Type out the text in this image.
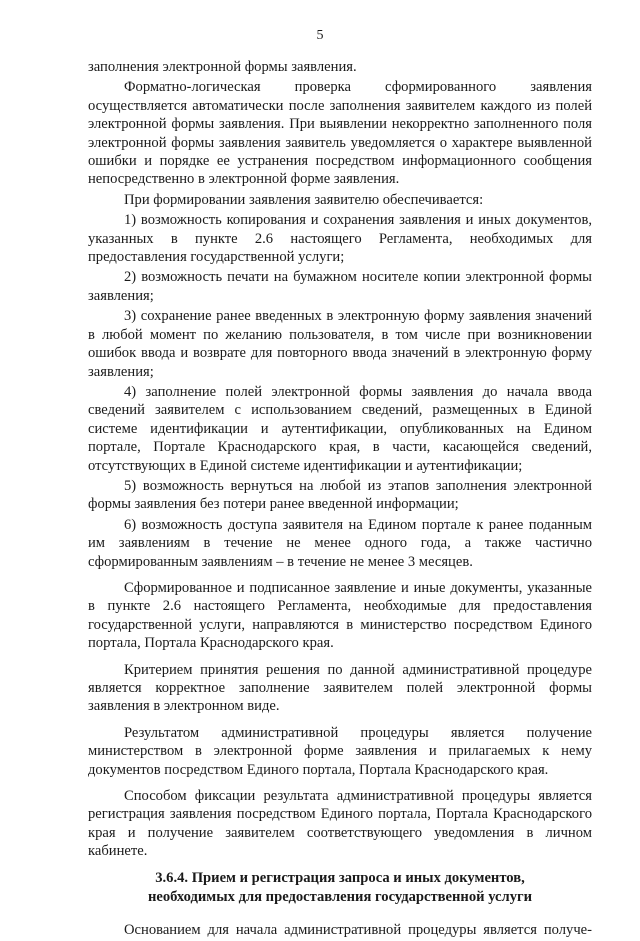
5

заполнения электронной формы заявления.

Форматно-логическая проверка сформированного заявления осуществляется автоматически после заполнения заявителем каждого из полей электронной формы заявления. При выявлении некорректно заполненного поля электронной формы заявления заявитель уведомляется о характере выявленной ошибки и порядке ее устранения посредством информационного сообщения непосредственно в электронной форме заявления.

При формировании заявления заявителю обеспечивается:

1) возможность копирования и сохранения заявления и иных документов, указанных в пункте 2.6 настоящего Регламента, необходимых для предоставления государственной услуги;

2) возможность печати на бумажном носителе копии электронной формы заявления;

3) сохранение ранее введенных в электронную форму заявления значений в любой момент по желанию пользователя, в том числе при возникновении ошибок ввода и возврате для повторного ввода значений в электронную форму заявления;

4) заполнение полей электронной формы заявления до начала ввода сведений заявителем с использованием сведений, размещенных в Единой системе идентификации и аутентификации, опубликованных на Едином портале, Портале Краснодарского края, в части, касающейся сведений, отсутствующих в Единой системе идентификации и аутентификации;

5) возможность вернуться на любой из этапов заполнения электронной формы заявления без потери ранее введенной информации;

6) возможность доступа заявителя на Едином портале к ранее поданным им заявлениям в течение не менее одного года, а также частично сформированным заявлениям – в течение не менее 3 месяцев.

Сформированное и подписанное заявление и иные документы, указанные в пункте 2.6 настоящего Регламента, необходимые для предоставления государственной услуги, направляются в министерство посредством Единого портала, Портала Краснодарского края.

Критерием принятия решения по данной административной процедуре является корректное заполнение заявителем полей электронной формы заявления в электронном виде.

Результатом административной процедуры является получение министерством в электронной форме заявления и прилагаемых к нему документов посредством Единого портала, Портала Краснодарского края.

Способом фиксации результата административной процедуры является регистрация заявления посредством Единого портала, Портала Краснодарского края и получение заявителем соответствующего уведомления в личном кабинете.

3.6.4. Прием и регистрация запроса и иных документов,
необходимых для предоставления государственной услуги

Основанием для начала административной процедуры является получе-
